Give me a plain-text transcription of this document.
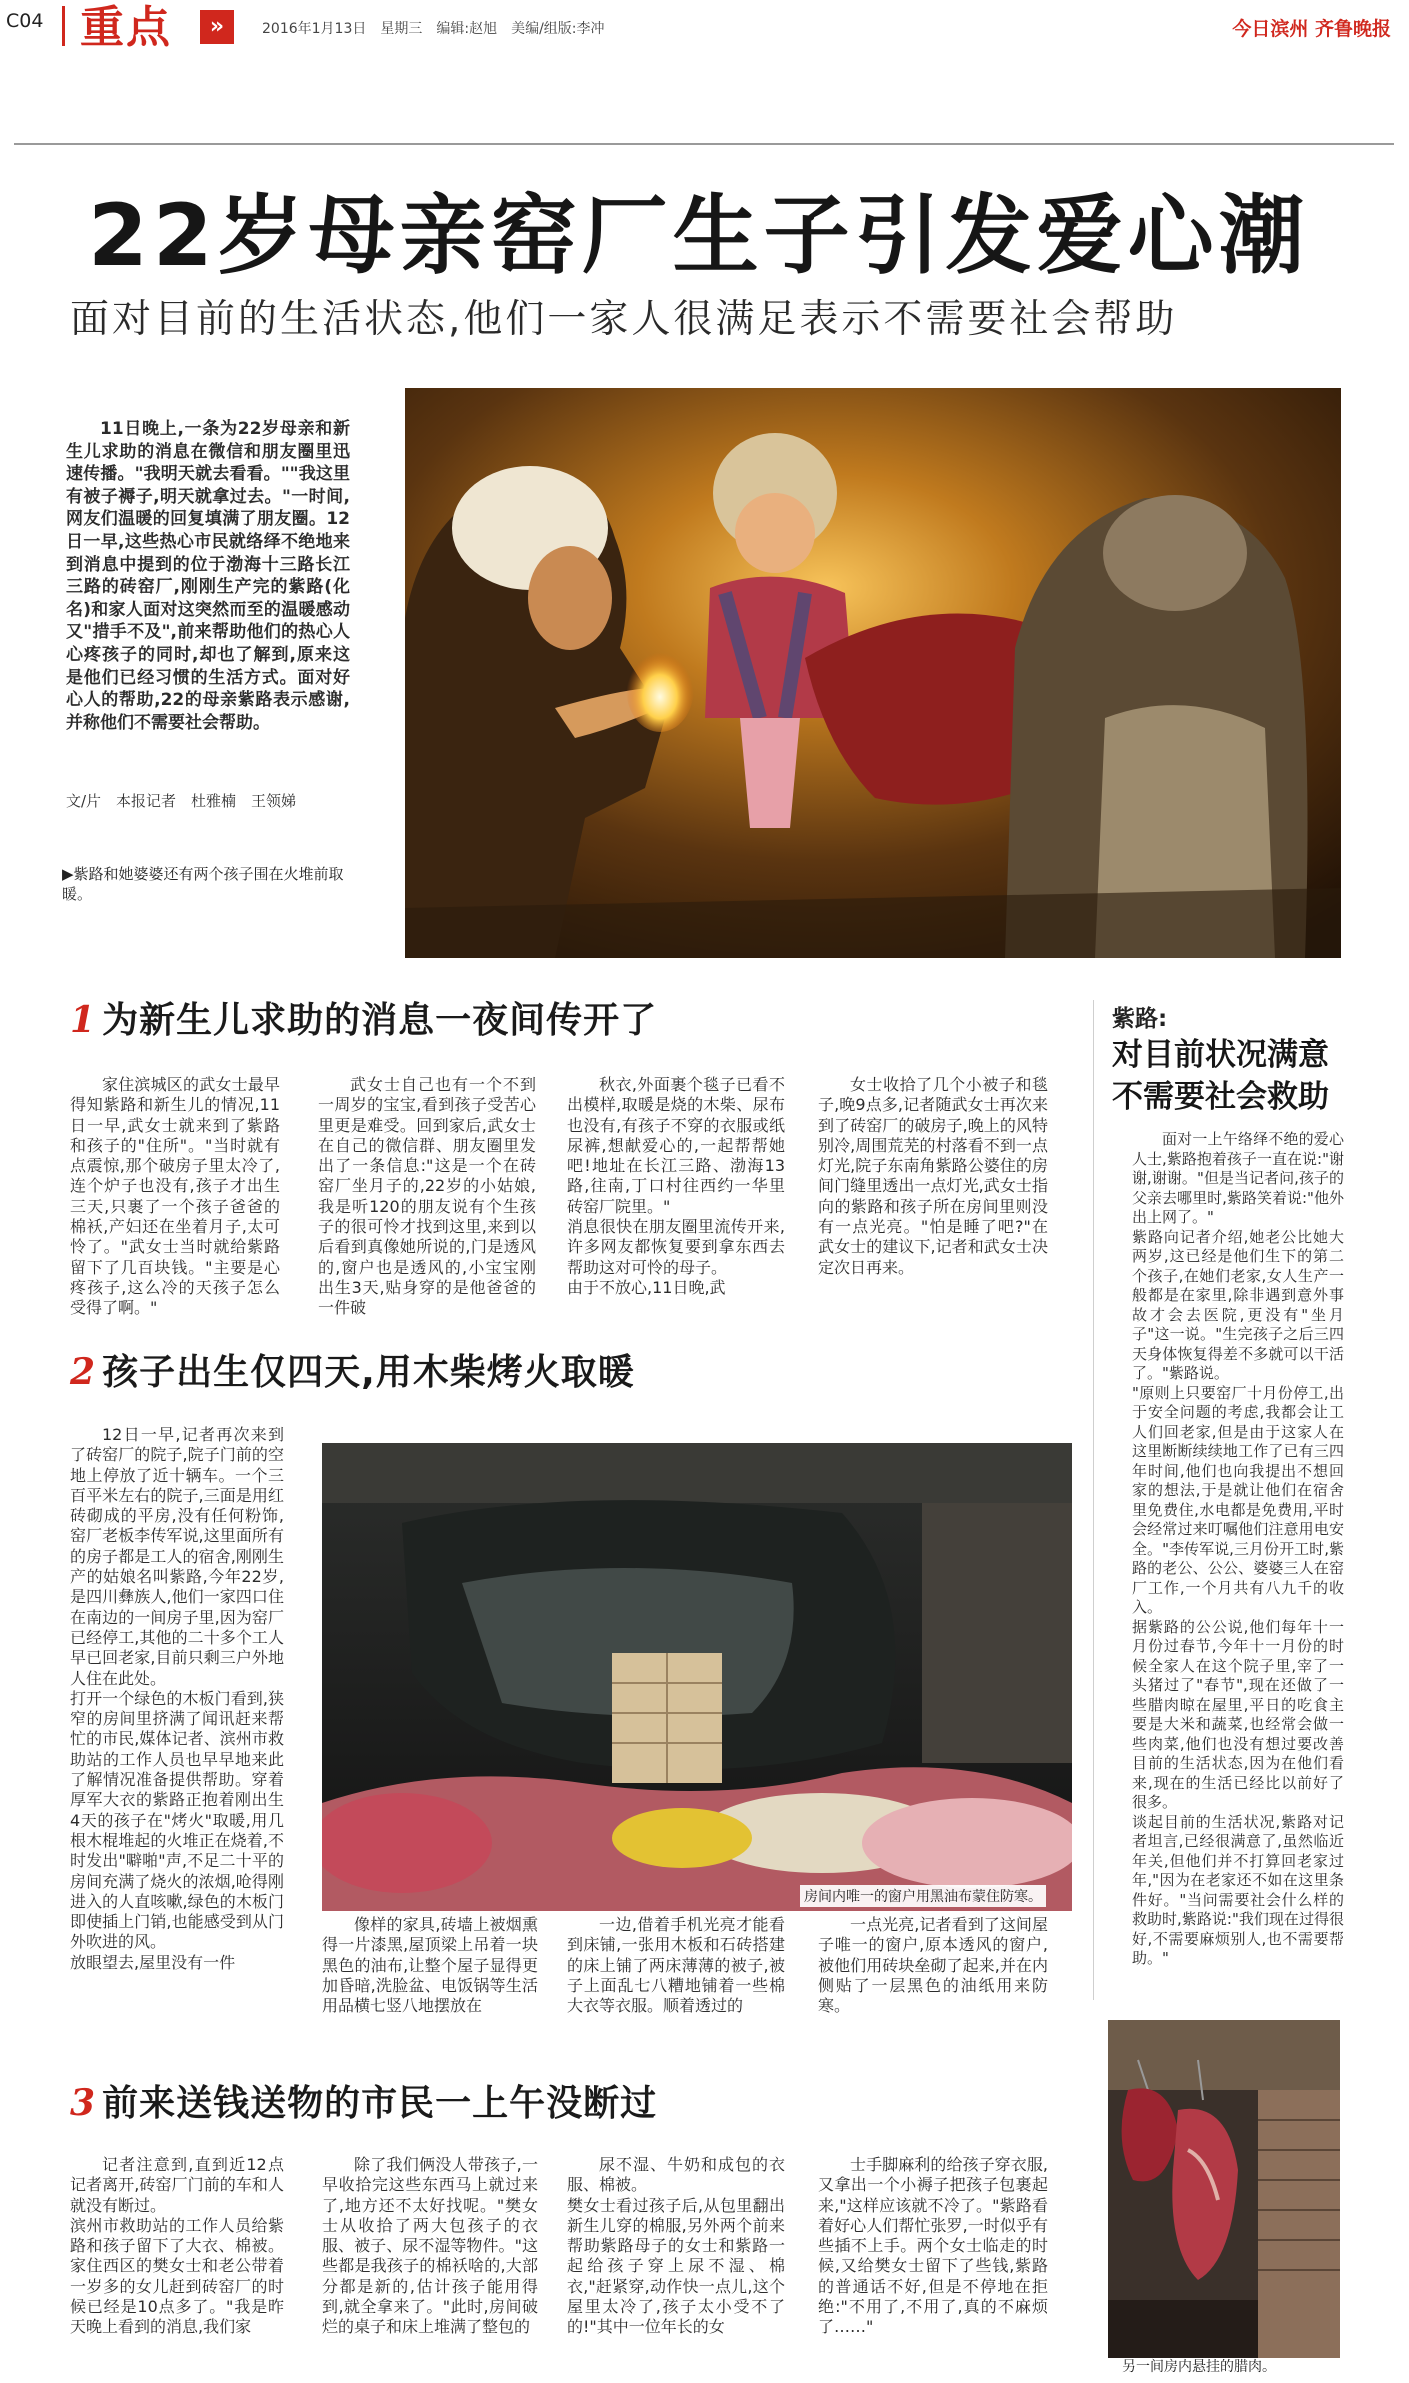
C04 重点	»	2016年1月13日　星期三　编辑:赵旭　美编/组版:李冲	今日滨州 齐鲁晚报
22岁母亲窑厂生子引发爱心潮
面对目前的生活状态,他们一家人很满足表示不需要社会帮助
11日晚上,一条为22岁母亲和新生儿求助的消息在微信和朋友圈里迅速传播。"我明天就去看看。""我这里有被子褥子,明天就拿过去。"一时间,网友们温暖的回复填满了朋友圈。12日一早,这些热心市民就络绎不绝地来到消息中提到的位于渤海十三路长江三路的砖窑厂,刚刚生产完的紫路(化名)和家人面对这突然而至的温暖感动又"措手不及",前来帮助他们的热心人心疼孩子的同时,却也了解到,原来这是他们已经习惯的生活方式。面对好心人的帮助,22的母亲紫路表示感谢,并称他们不需要社会帮助。
文/片　本报记者　杜雅楠　王领娣
▶紫路和她婆婆还有两个孩子围在火堆前取暖。
1 为新生儿求助的消息一夜间传开了

家住滨城区的武女士最早得知紫路和新生儿的情况,11日一早,武女士就来到了紫路和孩子的"住所"。"当时就有点震惊,那个破房子里太冷了,连个炉子也没有,孩子才出生三天,只裹了一个孩子爸爸的棉袄,产妇还在坐着月子,太可怜了。"武女士当时就给紫路留下了几百块钱。"主要是心疼孩子,这么冷的天孩子怎么受得了啊。"

武女士自己也有一个不到一周岁的宝宝,看到孩子受苦心里更是难受。回到家后,武女士在自己的微信群、朋友圈里发出了一条信息:"这是一个在砖窑厂坐月子的,22岁的小姑娘,我是听120的朋友说有个生孩子的很可怜才找到这里,来到以后看到真像她所说的,门是透风的,窗户也是透风的,小宝宝刚出生3天,贴身穿的是他爸爸的一件破

秋衣,外面裹个毯子已看不出模样,取暖是烧的木柴、尿布也没有,有孩子不穿的衣服或纸尿裤,想献爱心的,一起帮帮她吧!地址在长江三路、渤海13路,往南,丁口村往西约一华里砖窑厂院里。"
消息很快在朋友圈里流传开来,许多网友都恢复要到拿东西去帮助这对可怜的母子。
由于不放心,11日晚,武

女士收拾了几个小被子和毯子,晚9点多,记者随武女士再次来到了砖窑厂的破房子,晚上的风特别冷,周围荒芜的村落看不到一点灯光,院子东南角紫路公婆住的房间门缝里透出一点灯光,武女士指向的紫路和孩子所在房间里则没有一点光亮。"怕是睡了吧?"在武女士的建议下,记者和武女士决定次日再来。

2 孩子出生仅四天,用木柴烤火取暖

12日一早,记者再次来到了砖窑厂的院子,院子门前的空地上停放了近十辆车。一个三百平米左右的院子,三面是用红砖砌成的平房,没有任何粉饰,窑厂老板李传军说,这里面所有的房子都是工人的宿舍,刚刚生产的姑娘名叫紫路,今年22岁,是四川彝族人,他们一家四口住在南边的一间房子里,因为窑厂已经停工,其他的二十多个工人早已回老家,目前只剩三户外地人住在此处。
打开一个绿色的木板门看到,狭窄的房间里挤满了闻讯赶来帮忙的市民,媒体记者、滨州市救助站的工作人员也早早地来此了解情况准备提供帮助。穿着厚军大衣的紫路正抱着刚出生4天的孩子在"烤火"取暖,用几根木棍堆起的火堆正在烧着,不时发出"噼啪"声,不足二十平的房间充满了烧火的浓烟,呛得刚进入的人直咳嗽,绿色的木板门即使插上门销,也能感受到从门外吹进的风。
放眼望去,屋里没有一件

房间内唯一的窗户用黑油布蒙住防寒。

像样的家具,砖墙上被烟熏得一片漆黑,屋顶梁上吊着一块黑色的油布,让整个屋子显得更加昏暗,洗脸盆、电饭锅等生活用品横七竖八地摆放在

一边,借着手机光亮才能看到床铺,一张用木板和石砖搭建的床上铺了两床薄薄的被子,被子上面乱七八糟地铺着一些棉大衣等衣服。顺着透过的

一点光亮,记者看到了这间屋子唯一的窗户,原本透风的窗户,被他们用砖块垒砌了起来,并在内侧贴了一层黑色的油纸用来防寒。

3 前来送钱送物的市民一上午没断过

记者注意到,直到近12点记者离开,砖窑厂门前的车和人就没有断过。
滨州市救助站的工作人员给紫路和孩子留下了大衣、棉被。家住西区的樊女士和老公带着一岁多的女儿赶到砖窑厂的时候已经是10点多了。"我是昨天晚上看到的消息,我们家

除了我们俩没人带孩子,一早收拾完这些东西马上就过来了,地方还不太好找呢。"樊女士从收拾了两大包孩子的衣服、被子、尿不湿等物件。"这些都是我孩子的棉袄啥的,大部分都是新的,估计孩子能用得到,就全拿来了。"此时,房间破烂的桌子和床上堆满了整包的

尿不湿、牛奶和成包的衣服、棉被。
樊女士看过孩子后,从包里翻出新生儿穿的棉服,另外两个前来帮助紫路母子的女士和紫路一起给孩子穿上尿不湿、棉衣,"赶紧穿,动作快一点儿,这个屋里太冷了,孩子太小受不了的!"其中一位年长的女

士手脚麻利的给孩子穿衣服,又拿出一个小褥子把孩子包裹起来,"这样应该就不冷了。"紫路看着好心人们帮忙张罗,一时似乎有些插不上手。两个女士临走的时候,又给樊女士留下了些钱,紫路的普通话不好,但是不停地在拒绝:"不用了,不用了,真的不麻烦了……"

紫路:
对目前状况满意不需要社会救助

面对一上午络绎不绝的爱心人士,紫路抱着孩子一直在说:"谢谢,谢谢。"但是当记者问,孩子的父亲去哪里时,紫路笑着说:"他外出上网了。"
紫路向记者介绍,她老公比她大两岁,这已经是他们生下的第二个孩子,在她们老家,女人生产一般都是在家里,除非遇到意外事故才会去医院,更没有"坐月子"这一说。"生完孩子之后三四天身体恢复得差不多就可以干活了。"紫路说。
"原则上只要窑厂十月份停工,出于安全问题的考虑,我都会让工人们回老家,但是由于这家人在这里断断续续地工作了已有三四年时间,他们也向我提出不想回家的想法,于是就让他们在宿舍里免费住,水电都是免费用,平时会经常过来叮嘱他们注意用电安全。"李传军说,三月份开工时,紫路的老公、公公、婆婆三人在窑厂工作,一个月共有八九千的收入。
据紫路的公公说,他们每年十一月份过春节,今年十一月份的时候全家人在这个院子里,宰了一头猪过了"春节",现在还做了一些腊肉晾在屋里,平日的吃食主要是大米和蔬菜,也经常会做一些肉菜,他们也没有想过要改善目前的生活状态,因为在他们看来,现在的生活已经比以前好了很多。
谈起目前的生活状况,紫路对记者坦言,已经很满意了,虽然临近年关,但他们并不打算回老家过年,"因为在老家还不如在这里条件好。"当问需要社会什么样的救助时,紫路说:"我们现在过得很好,不需要麻烦别人,也不需要帮助。"

另一间房内悬挂的腊肉。
